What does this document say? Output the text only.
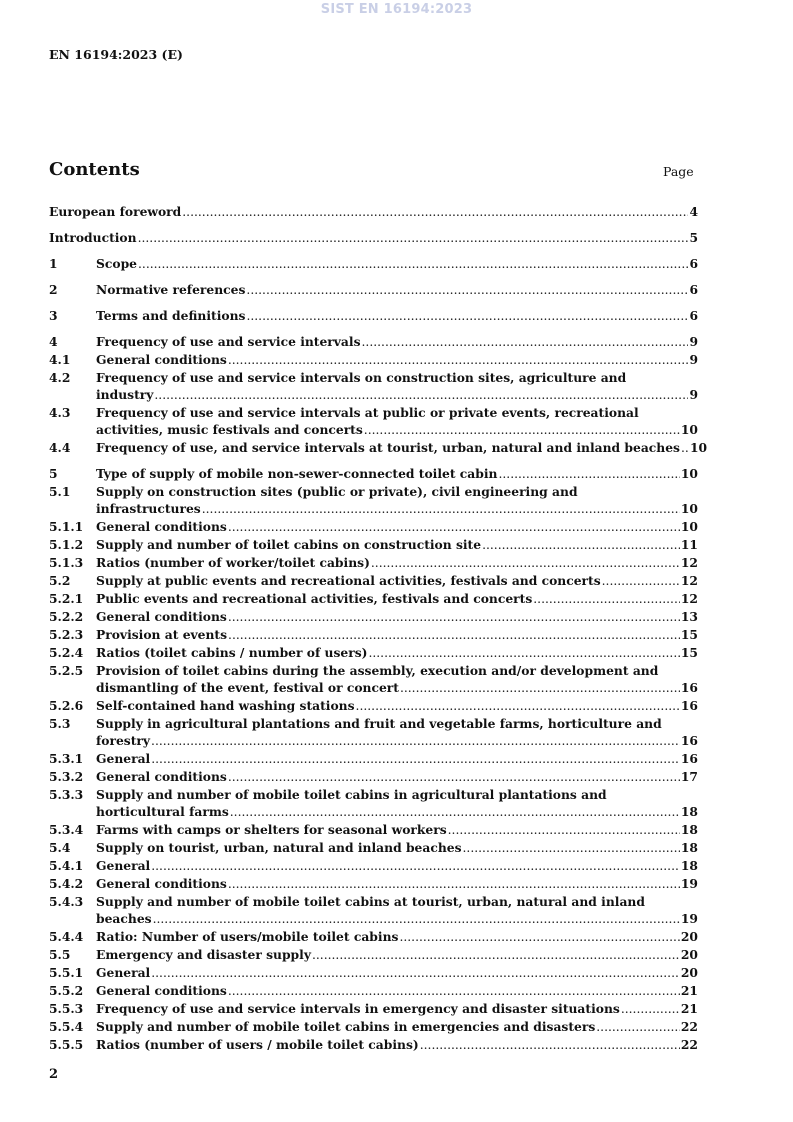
SIST EN 16194:2023
EN 16194:2023 (E)
Contents	Page
European foreword .....	4
Introduction .....	5
1	Scope .....	6
2	Normative references .....	6
3	Terms and definitions .....	6
4	Frequency of use and service intervals .....	9
4.1	General conditions .....	9
4.2	Frequency of use and service intervals on construction sites, agriculture and
industry .....	9
4.3	Frequency of use and service intervals at public or private events, recreational
activities, music festivals and concerts .....	10
4.4	Frequency of use, and service intervals at tourist, urban, natural and inland beaches ..... 10
5	Type of supply of mobile non-sewer-connected toilet cabin .....	10
5.1	Supply on construction sites (public or private), civil engineering and
infrastructures .....	10
5.1.1	General conditions .....	10
5.1.2	Supply and number of toilet cabins on construction site .....	11
5.1.3	Ratios (number of worker/toilet cabins) .....	12
5.2	Supply at public events and recreational activities, festivals and concerts .....	12
5.2.1	Public events and recreational activities, festivals and concerts .....	12
5.2.2	General conditions .....	13
5.2.3	Provision at events .....	15
5.2.4	Ratios (toilet cabins / number of users) .....	15
5.2.5	Provision of toilet cabins during the assembly, execution and/or development and
dismantling of the event, festival or concert .....	16
5.2.6	Self-contained hand washing stations .....	16
5.3	Supply in agricultural plantations and fruit and vegetable farms, horticulture and
forestry .....	16
5.3.1	General .....	16
5.3.2	General conditions .....	17
5.3.3	Supply and number of mobile toilet cabins in agricultural plantations and
horticultural farms .....	18
5.3.4	Farms with camps or shelters for seasonal workers .....	18
5.4	Supply on tourist, urban, natural and inland beaches .....	18
5.4.1	General .....	18
5.4.2	General conditions .....	19
5.4.3	Supply and number of mobile toilet cabins at tourist, urban, natural and inland
beaches .....	19
5.4.4	Ratio: Number of users/mobile toilet cabins .....	20
5.5	Emergency and disaster supply .....	20
5.5.1	General .....	20
5.5.2	General conditions .....	21
5.5.3	Frequency of use and service intervals in emergency and disaster situations .....	21
5.5.4	Supply and number of mobile toilet cabins in emergencies and disasters .....	22
5.5.5	Ratios (number of users / mobile toilet cabins) .....	22
2
